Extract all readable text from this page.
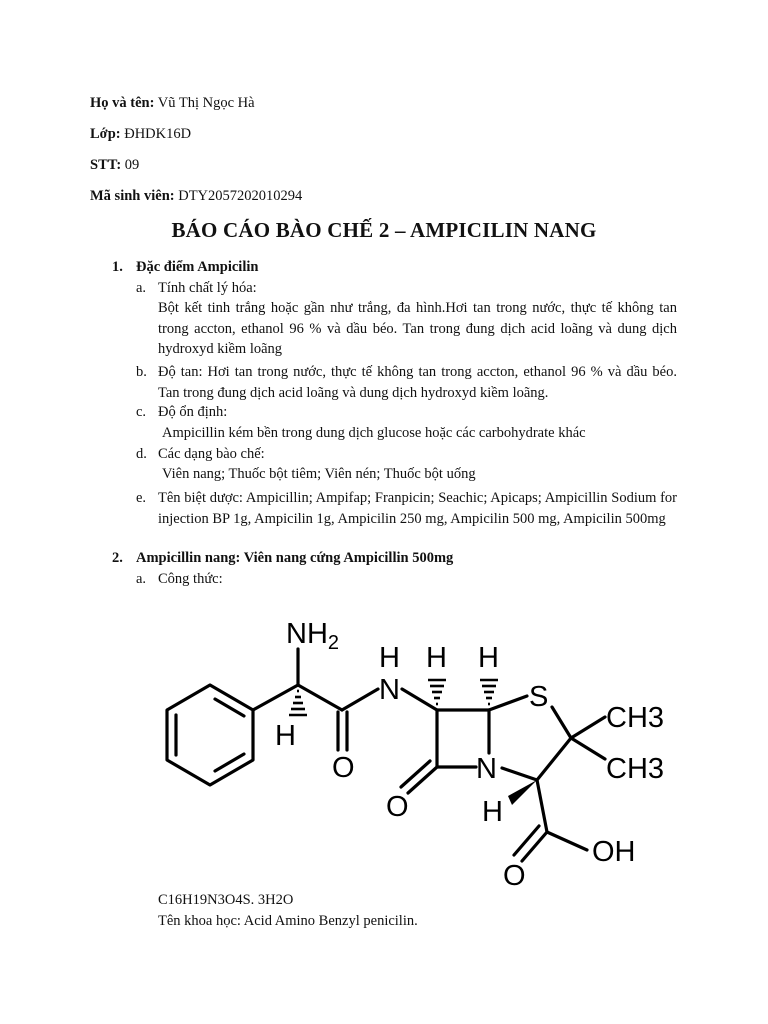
Họ và tên: Vũ Thị Ngọc Hà
Lớp: ĐHDK16D
STT: 09
Mã sinh viên: DTY2057202010294
BÁO CÁO BÀO CHẾ 2 – AMPICILIN NANG
1. Đặc điểm Ampicilin
a. Tính chất lý hóa:
Bột kết tinh trắng hoặc gần như trắng, đa hình.Hơi tan trong nước, thực tế không tan trong accton, ethanol 96 % và dầu béo. Tan trong đung dịch acid loãng và dung dịch hydroxyd kiềm loãng
b. Độ tan: Hơi tan trong nước, thực tế không tan trong accton, ethanol 96 % và dầu béo. Tan trong đung dịch acid loãng và dung dịch hydroxyd kiềm loãng.
c. Độ ổn định:
Ampicillin kém bền trong dung dịch glucose hoặc các carbohydrate khác
d. Các dạng bào chế:
Viên nang; Thuốc bột tiêm; Viên nén; Thuốc bột uống
e. Tên biệt dược: Ampicillin; Ampifap; Franpicin; Seachic; Apicaps; Ampicillin Sodium for injection BP 1g, Ampicilin 1g, Ampicilin 250 mg, Ampicilin 500 mg, Ampicilin 500mg
2. Ampicillin nang: Viên nang cứng Ampicillin 500mg
a. Công thức:
$NH_2$
H
O
N
H H H
S
CH3
CH3
N
O	H
OH
O
C16H19N3O4S. 3H2O
Tên khoa học: Acid Amino Benzyl penicilin.
